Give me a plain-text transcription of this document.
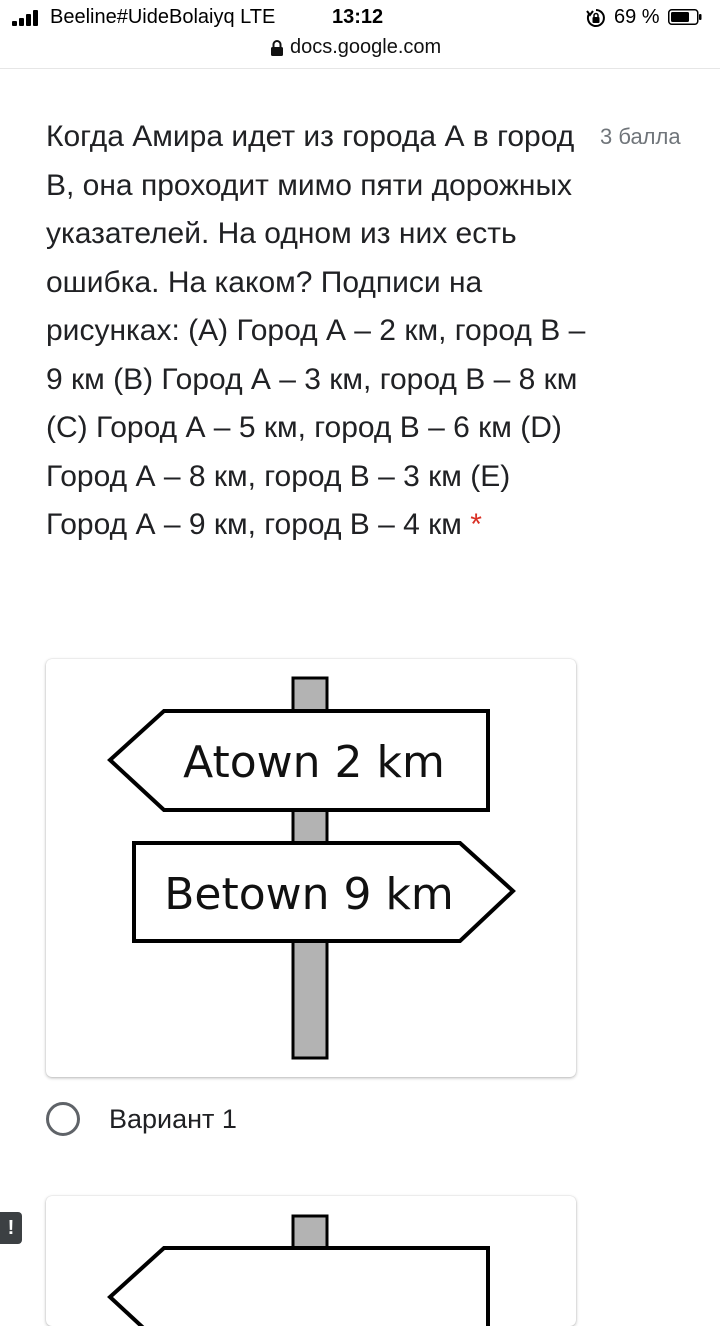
Beeline#UideBolaiyq LTE	13:12	69 %
docs.google.com
Когда Амира идет из города А в город В, она проходит мимо пяти дорожных указателей. На одном из них есть ошибка. На каком? Подписи на рисунках: (A) Город А – 2 км, город В – 9 км (B) Город А – 3 км, город В – 8 км (C) Город А – 5 км, город В – 6 км (D) Город А – 8 км, город В – 3 км (E) Город А – 9 км, город В – 4 км *
3 балла
Atown 2 km
Betown 9 km
Вариант 1
!
